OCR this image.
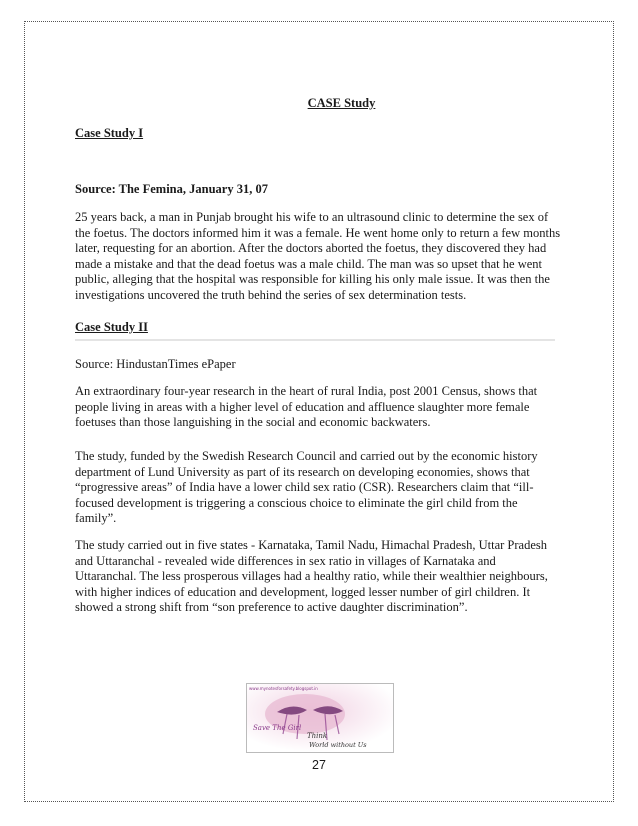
CASE Study
Case Study I
Source: The Femina, January 31, 07
25 years back, a man in Punjab brought his wife to an ultrasound clinic to determine the sex of
the foetus. The doctors informed him it was a female. He went home only to return a few months
later, requesting for an abortion. After the doctors aborted the foetus, they discovered they had
made a mistake and that the dead foetus was a male child. The man was so upset that he went
public, alleging that the hospital was responsible for killing his only male issue. It was then the
investigations uncovered the truth behind the series of sex determination tests.
Case Study II
Source: HindustanTimes ePaper
An extraordinary four-year research in the heart of rural India, post 2001 Census, shows that
people living in areas with a higher level of education and affluence slaughter more female
foetuses than those languishing in the social and economic backwaters.
The study, funded by the Swedish Research Council and carried out by the economic history
department of Lund University as part of its research on developing economies, shows that
“progressive areas” of India have a lower child sex ratio (CSR). Researchers claim that “ill-
focused development is triggering a conscious choice to eliminate the girl child from the
family”.
The study carried out in five states - Karnataka, Tamil Nadu, Himachal Pradesh, Uttar Pradesh
and Uttaranchal - revealed wide differences in sex ratio in villages of Karnataka and
Uttaranchal. The less prosperous villages had a healthy ratio, while their wealthier neighbours,
with higher indices of education and development, logged lesser number of girl children. It
showed a strong shift from “son preference to active daughter discrimination”.
www.mynotesforsafety.blogspot.in
Save The Girl
Think
World without Us
27
